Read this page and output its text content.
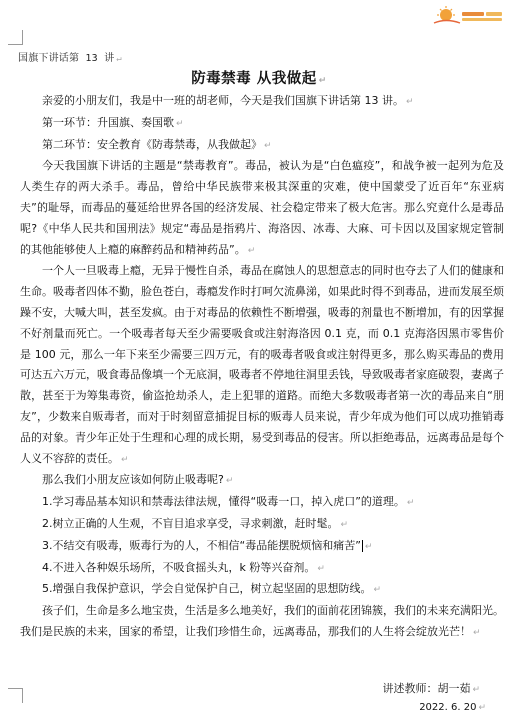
国旗下讲话第 13 讲 ↵
防毒禁毒 从我做起 ↵

亲爱的小朋友们，我是中一班的胡老师，今天是我们国旗下讲话第 13 讲。 ↵

第一环节：升国旗、奏国歌 ↵

第二环节：安全教育《防毒禁毒，从我做起》 ↵

今天我国旗下讲话的主题是“禁毒教育”。毒品，被认为是“白色瘟疫”，和战争被一起列为危及人类生存的两大杀手。毒品，曾给中华民族带来极其深重的灾难，使中国蒙受了近百年“东亚病夫”的耻辱，而毒品的蔓延给世界各国的经济发展、社会稳定带来了极大危害。那么究竟什么是毒品呢?《中华人民共和国刑法》规定“毒品是指鸦片、海洛因、冰毒、大麻、可卡因以及国家规定管制的其他能够使人上瘾的麻醉药品和精神药品”。 ↵

一个人一旦吸毒上瘾，无异于慢性自杀，毒品在腐蚀人的思想意志的同时也夺去了人们的健康和生命。吸毒者四体不勤，脸色苍白，毒瘾发作时打呵欠流鼻涕，如果此时得不到毒品，进而发展至烦躁不安，大喊大叫，甚至发疯。由于对毒品的依赖性不断增强，吸毒的剂量也不断增加，有的因掌握不好剂量而死亡。一个吸毒者每天至少需要吸食或注射海洛因 0.1 克，而 0.1 克海洛因黑市零售价是 100 元，那么一年下来至少需要三四万元，有的吸毒者吸食或注射得更多，那么购买毒品的费用可达五六万元，吸食毒品像填一个无底洞，吸毒者不停地往洞里丢钱，导致吸毒者家庭破裂，妻离子散，甚至于为筹集毒资，偷盗抢劫杀人，走上犯罪的道路。而绝大多数吸毒者第一次的毒品来自“朋友”，少数来自贩毒者，而对于时刻留意捕捉目标的贩毒人员来说，青少年成为他们可以成功推销毒品的对象。青少年正处于生理和心理的成长期，易受到毒品的侵害。所以拒绝毒品，远离毒品是每个人义不容辞的责任。 ↵

那么我们小朋友应该如何防止吸毒呢? ↵

1.学习毒品基本知识和禁毒法律法规，懂得“吸毒一口，掉入虎口”的道理。 ↵

2.树立正确的人生观，不盲目追求享受，寻求刺激，赶时髦。 ↵

3.不结交有吸毒，贩毒行为的人，不相信“毒品能摆脱烦恼和痛苦” ↵

4.不进入各种娱乐场所，不吸食摇头丸，k 粉等兴奋剂。 ↵

5.增强自我保护意识，学会自觉保护自己，树立起坚固的思想防线。 ↵

孩子们，生命是多么地宝贵，生活是多么地美好，我们的面前花团锦簇，我们的未来充满阳光。我们是民族的未来，国家的希望，让我们珍惜生命，远离毒品，那我们的人生将会绽放光芒！ ↵

讲述教师：胡一茹 ↵
2022. 6. 20 ↵
